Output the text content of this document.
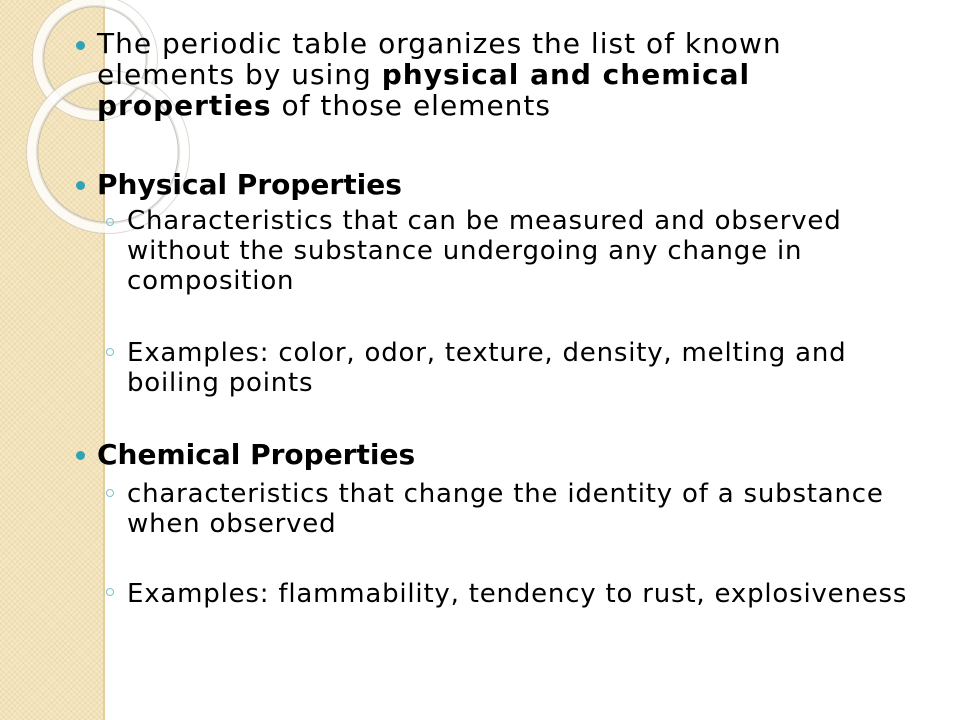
The periodic table organizes the list of known elements by using physical and chemical properties of those elements

Physical Properties

Characteristics that can be measured and observed without the substance undergoing any change in composition

Examples: color, odor, texture, density, melting and boiling points

Chemical Properties

characteristics that change the identity of a substance when observed

Examples: flammability, tendency to rust, explosiveness
